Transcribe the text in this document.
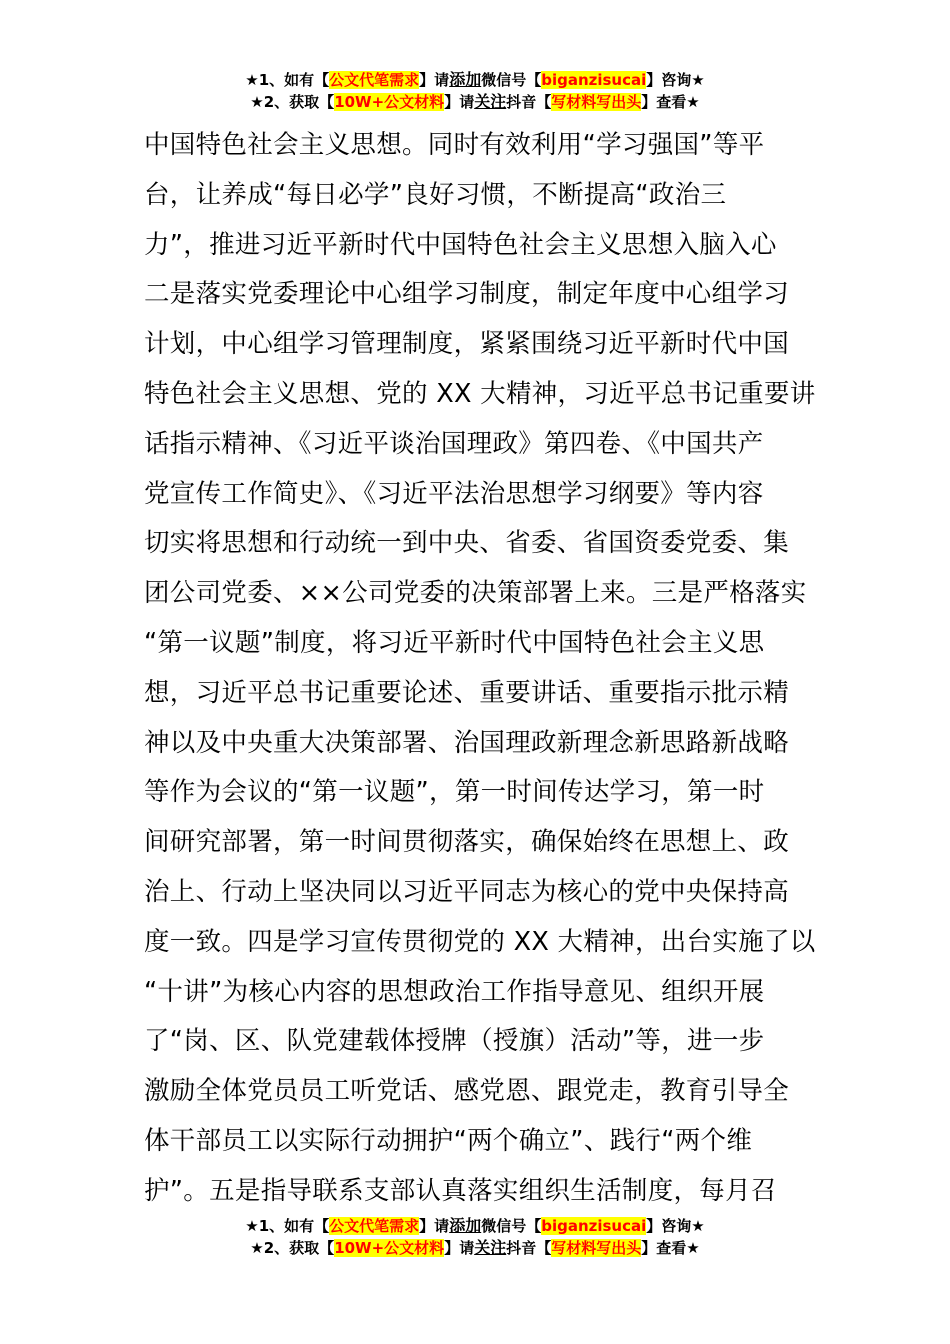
★1、如有【公文代笔需求】请添加微信号【biganzisucai】咨询★
★2、获取【10W+公文材料】请关注抖音【写材料写出头】查看★
中国特色社会主义思想。同时有效利用“学习强国”等平
台，让养成“每日必学”良好习惯，不断提高“政治三
力”，推进习近平新时代中国特色社会主义思想入脑入心
二是落实党委理论中心组学习制度，制定年度中心组学习
计划，中心组学习管理制度，紧紧围绕习近平新时代中国
特色社会主义思想、党的 XX 大精神，习近平总书记重要讲
话指示精神、《习近平谈治国理政》第四卷、《中国共产
党宣传工作简史》、《习近平法治思想学习纲要》等内容
切实将思想和行动统一到中央、省委、省国资委党委、集
团公司党委、××公司党委的决策部署上来。三是严格落实
“第一议题”制度，将习近平新时代中国特色社会主义思
想，习近平总书记重要论述、重要讲话、重要指示批示精
神以及中央重大决策部署、治国理政新理念新思路新战略
等作为会议的“第一议题”，第一时间传达学习，第一时
间研究部署，第一时间贯彻落实，确保始终在思想上、政
治上、行动上坚决同以习近平同志为核心的党中央保持高
度一致。四是学习宣传贯彻党的 XX 大精神，出台实施了以
“十讲”为核心内容的思想政治工作指导意见、组织开展
了“岗、区、队党建载体授牌（授旗）活动”等，进一步
激励全体党员员工听党话、感党恩、跟党走，教育引导全
体干部员工以实际行动拥护“两个确立”、践行“两个维
护”。五是指导联系支部认真落实组织生活制度，每月召
★1、如有【公文代笔需求】请添加微信号【biganzisucai】咨询★
★2、获取【10W+公文材料】请关注抖音【写材料写出头】查看★
